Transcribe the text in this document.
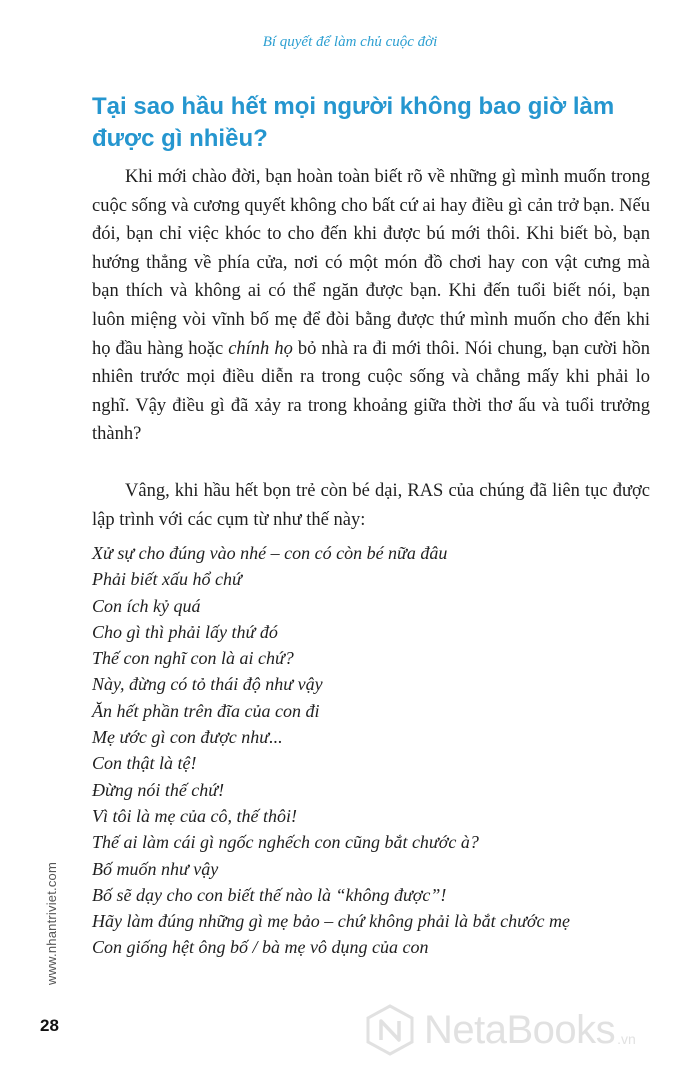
Bí quyết để làm chủ cuộc đời
Tại sao hầu hết mọi người không bao giờ làm được gì nhiều?

Khi mới chào đời, bạn hoàn toàn biết rõ về những gì mình muốn trong cuộc sống và cương quyết không cho bất cứ ai hay điều gì cản trở bạn. Nếu đói, bạn chỉ việc khóc to cho đến khi được bú mới thôi. Khi biết bò, bạn hướng thẳng về phía cửa, nơi có một món đồ chơi hay con vật cưng mà bạn thích và không ai có thể ngăn được bạn. Khi đến tuổi biết nói, bạn luôn miệng vòi vĩnh bố mẹ để đòi bằng được thứ mình muốn cho đến khi họ đầu hàng hoặc chính họ bỏ nhà ra đi mới thôi. Nói chung, bạn cười hồn nhiên trước mọi điều diễn ra trong cuộc sống và chẳng mấy khi phải lo nghĩ. Vậy điều gì đã xảy ra trong khoảng giữa thời thơ ấu và tuổi trưởng thành?

Vâng, khi hầu hết bọn trẻ còn bé dại, RAS của chúng đã liên tục được lập trình với các cụm từ như thế này:

Xử sự cho đúng vào nhé – con có còn bé nữa đâu
Phải biết xấu hổ chứ
Con ích kỷ quá
Cho gì thì phải lấy thứ đó
Thế con nghĩ con là ai chứ?
Này, đừng có tỏ thái độ như vậy
Ăn hết phần trên đĩa của con đi
Mẹ ước gì con được như...
Con thật là tệ!
Đừng nói thế chứ!
Vì tôi là mẹ của cô, thế thôi!
Thế ai làm cái gì ngốc nghếch con cũng bắt chước à?
Bố muốn như vậy
Bố sẽ dạy cho con biết thế nào là “không được”!
Hãy làm đúng những gì mẹ bảo – chứ không phải là bắt chước mẹ
Con giống hệt ông bố / bà mẹ vô dụng của con
www.nhantriviet.com
28	NetaBooks .vn
